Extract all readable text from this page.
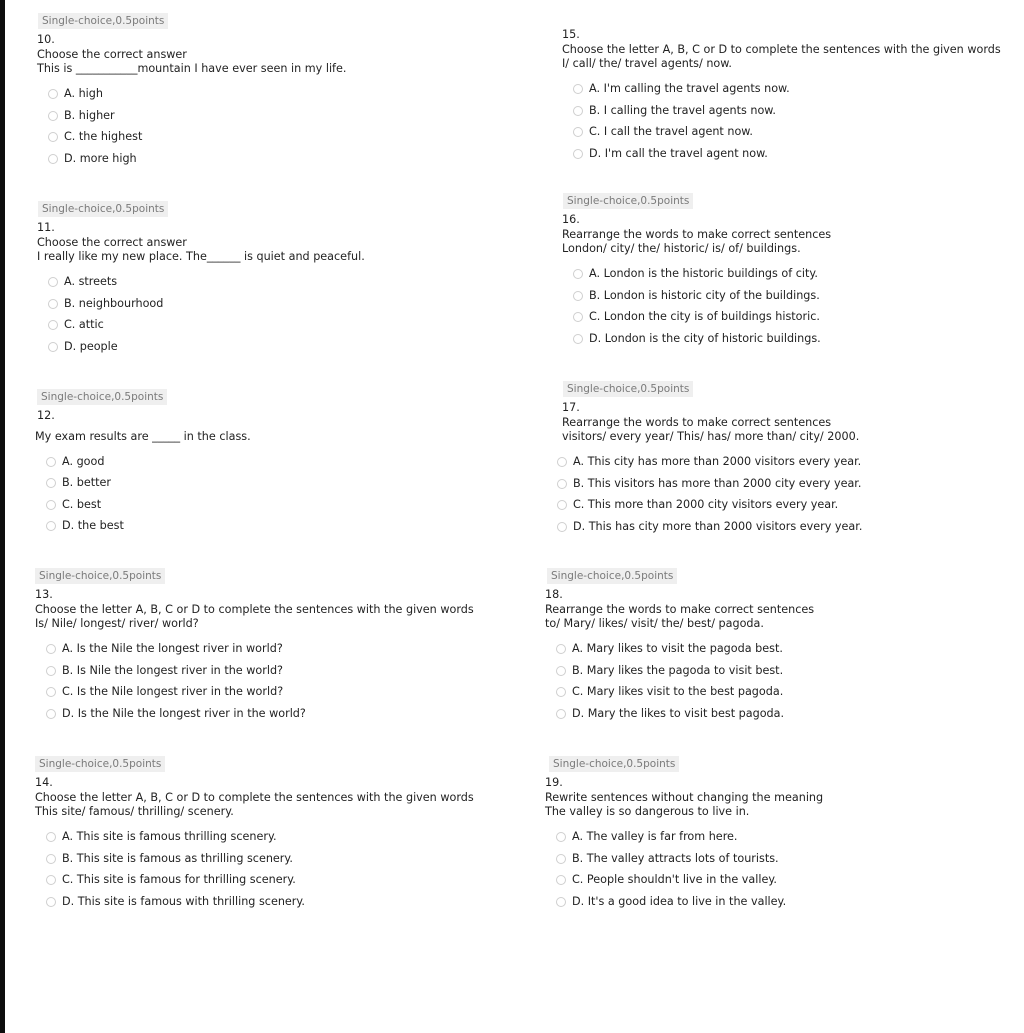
Single-choice,0.5points
10.
Choose the correct answer
This is ___________mountain I have ever seen in my life.
A. high
B. higher
C. the highest
D. more high
Single-choice,0.5points
11.
Choose the correct answer
I really like my new place. The______ is quiet and peaceful.
A. streets
B. neighbourhood
C. attic
D. people
Single-choice,0.5points
12.
My exam results are _____ in the class.
A. good
B. better
C. best
D. the best
Single-choice,0.5points
13.
Choose the letter A, B, C or D to complete the sentences with the given words
Is/ Nile/ longest/ river/ world?
A. Is the Nile the longest river in world?
B. Is Nile the longest river in the world?
C. Is the Nile longest river in the world?
D. Is the Nile the longest river in the world?
Single-choice,0.5points
14.
Choose the letter A, B, C or D to complete the sentences with the given words
This site/ famous/ thrilling/ scenery.
A. This site is famous thrilling scenery.
B. This site is famous as thrilling scenery.
C. This site is famous for thrilling scenery.
D. This site is famous with thrilling scenery.
15.
Choose the letter A, B, C or D to complete the sentences with the given words
I/ call/ the/ travel agents/ now.
A. I'm calling the travel agents now.
B. I calling the travel agents now.
C. I call the travel agent now.
D. I'm call the travel agent now.
Single-choice,0.5points
16.
Rearrange the words to make correct sentences
London/ city/ the/ historic/ is/ of/ buildings.
A. London is the historic buildings of city.
B. London is historic city of the buildings.
C. London the city is of buildings historic.
D. London is the city of historic buildings.
Single-choice,0.5points
17.
Rearrange the words to make correct sentences
visitors/ every year/ This/ has/ more than/ city/ 2000.
A. This city has more than 2000 visitors every year.
B. This visitors has more than 2000 city every year.
C. This more than 2000 city visitors every year.
D. This has city more than 2000 visitors every year.
Single-choice,0.5points
18.
Rearrange the words to make correct sentences
to/ Mary/ likes/ visit/ the/ best/ pagoda.
A. Mary likes to visit the pagoda best.
B. Mary likes the pagoda to visit best.
C. Mary likes visit to the best pagoda.
D. Mary the likes to visit best pagoda.
Single-choice,0.5points
19.
Rewrite sentences without changing the meaning
The valley is so dangerous to live in.
A. The valley is far from here.
B. The valley attracts lots of tourists.
C. People shouldn't live in the valley.
D. It's a good idea to live in the valley.
